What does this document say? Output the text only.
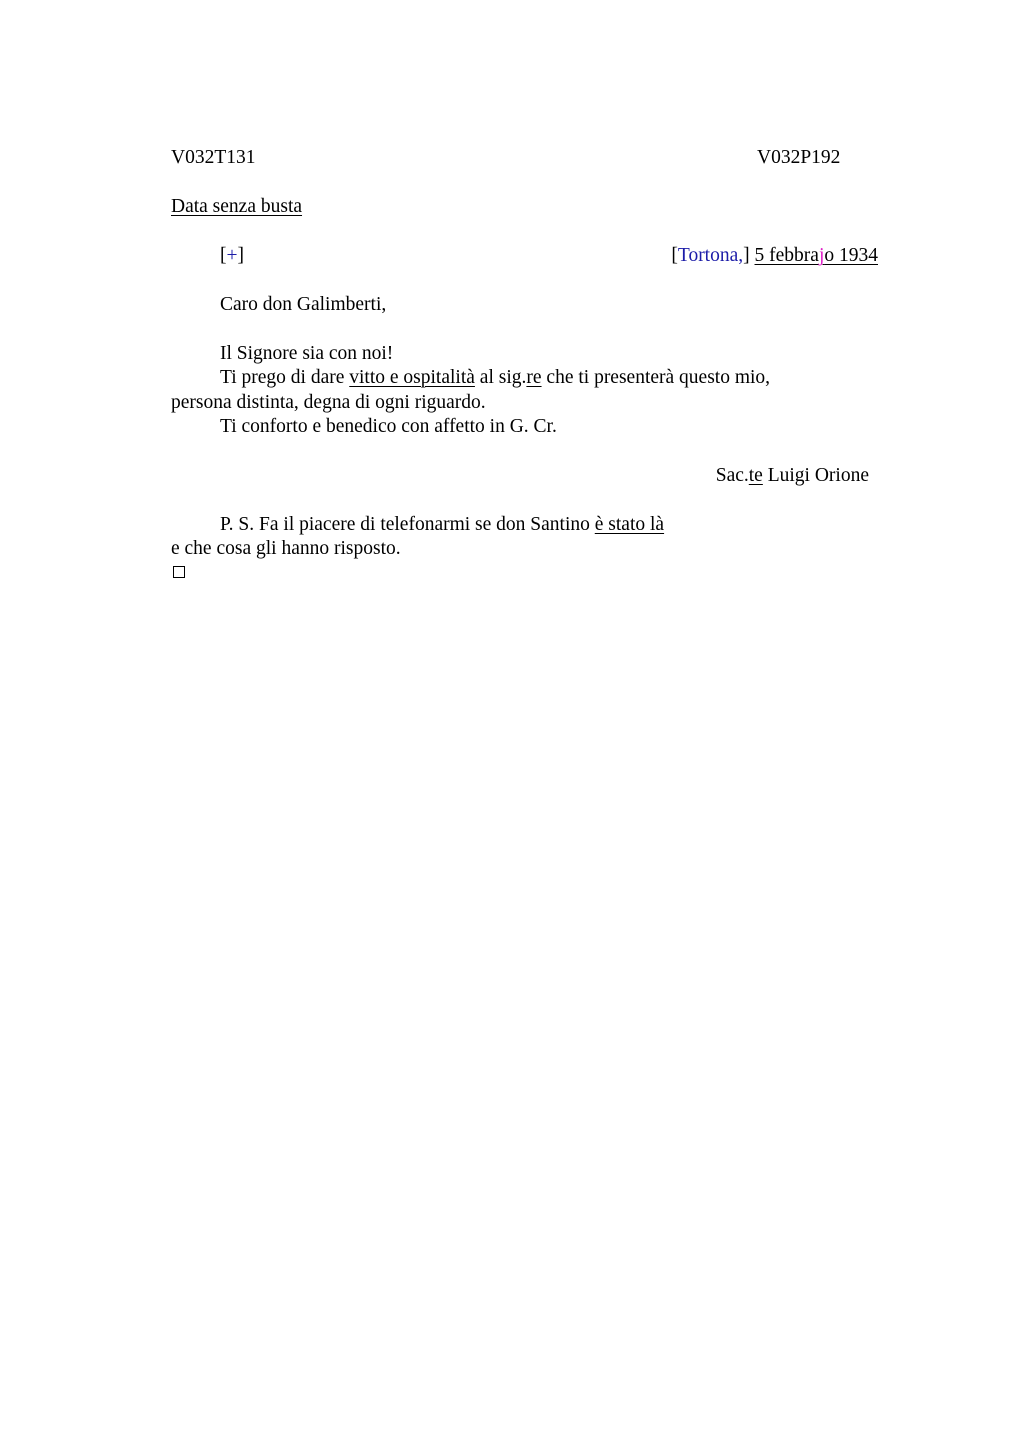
V032T131	V032P192
Data senza busta
[+]	[Tortona,] 5 febbrajo 1934
Caro don Galimberti,
Il Signore sia con noi!
Ti prego di dare vitto e ospitalità al sig.re che ti presenterà questo mio,
persona distinta, degna di ogni riguardo.
Ti conforto e benedico con affetto in G. Cr.
Sac.te Luigi Orione
P. S. Fa il piacere di telefonarmi se don Santino è stato là
e che cosa gli hanno risposto.
